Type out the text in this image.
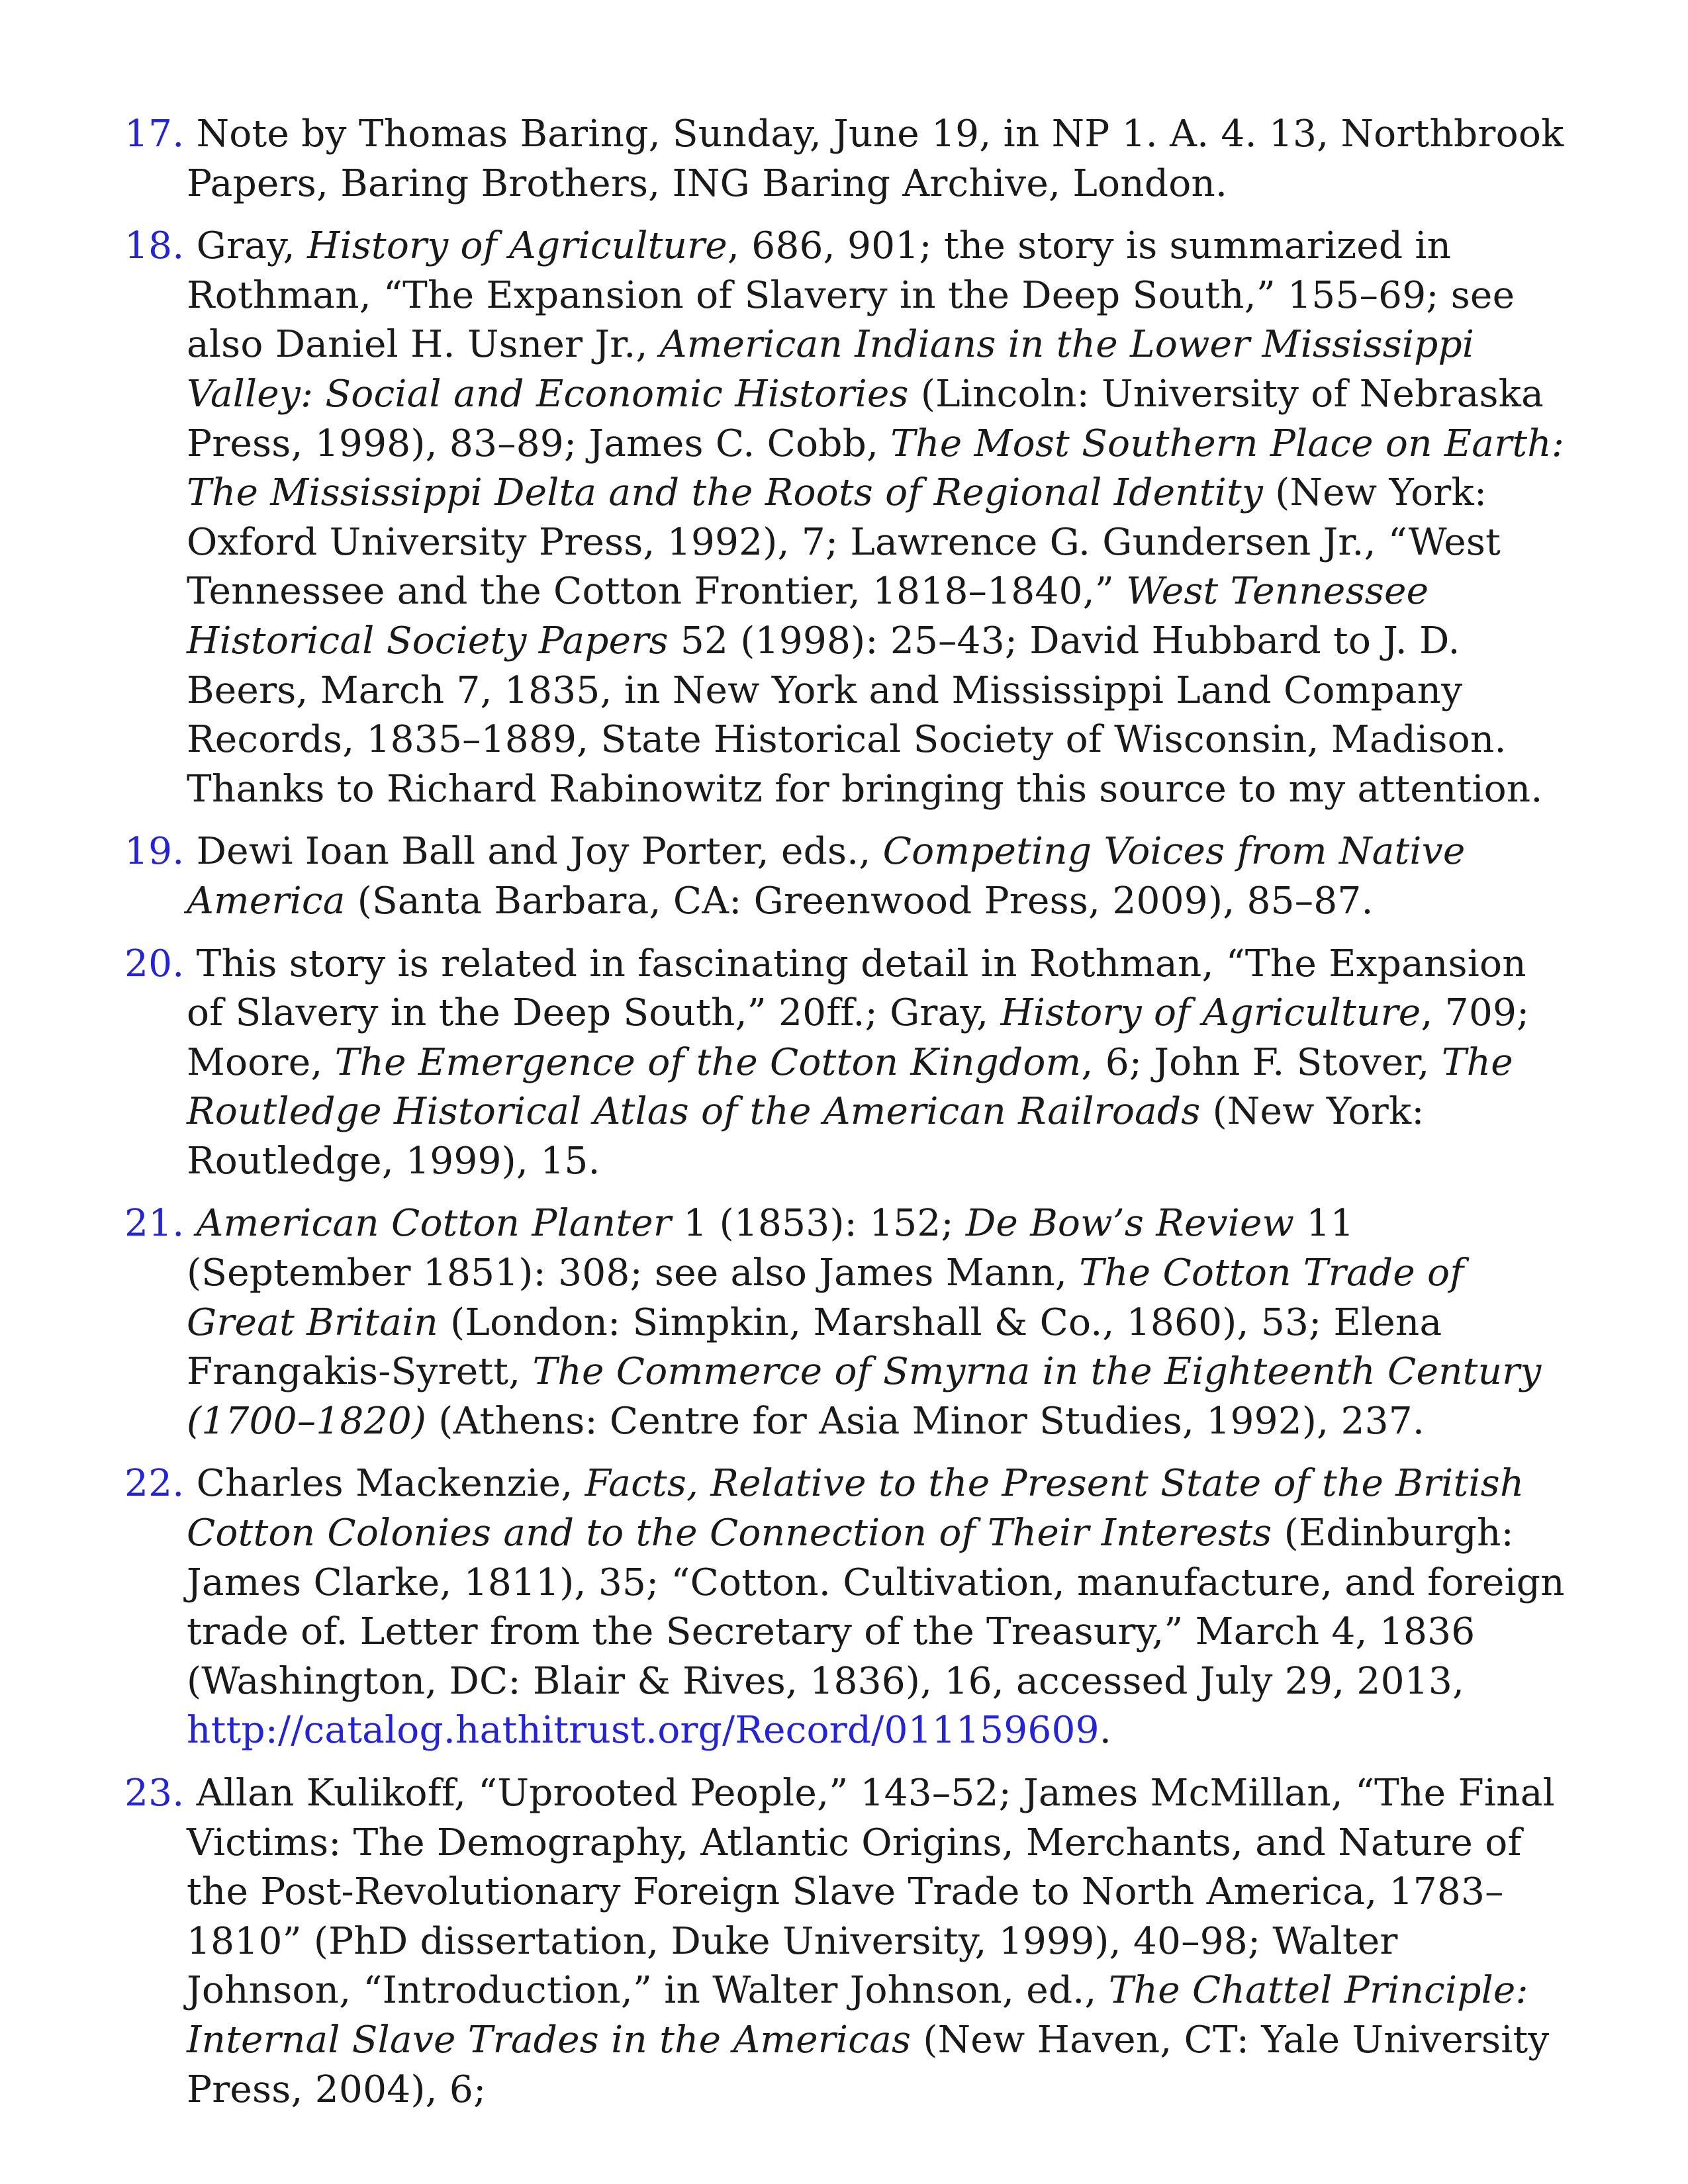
17. Note by Thomas Baring, Sunday, June 19, in NP 1. A. 4. 13, Northbrook Papers, Baring Brothers, ING Baring Archive, London.

18. Gray, History of Agriculture, 686, 901; the story is summarized in Rothman, “The Expansion of Slavery in the Deep South,” 155–69; see also Daniel H. Usner Jr., American Indians in the Lower Mississippi Valley: Social and Economic Histories (Lincoln: University of Nebraska Press, 1998), 83–89; James C. Cobb, The Most Southern Place on Earth: The Mississippi Delta and the Roots of Regional Identity (New York: Oxford University Press, 1992), 7; Lawrence G. Gundersen Jr., “West Tennessee and the Cotton Frontier, 1818–1840,” West Tennessee Historical Society Papers 52 (1998): 25–43; David Hubbard to J. D. Beers, March 7, 1835, in New York and Mississippi Land Company Records, 1835–1889, State Historical Society of Wisconsin, Madison. Thanks to Richard Rabinowitz for bringing this source to my attention.

19. Dewi Ioan Ball and Joy Porter, eds., Competing Voices from Native America (Santa Barbara, CA: Greenwood Press, 2009), 85–87.

20. This story is related in fascinating detail in Rothman, “The Expansion of Slavery in the Deep South,” 20ff.; Gray, History of Agriculture, 709; Moore, The Emergence of the Cotton Kingdom, 6; John F. Stover, The Routledge Historical Atlas of the American Railroads (New York: Routledge, 1999), 15.

21. American Cotton Planter 1 (1853): 152; De Bow’s Review 11 (September 1851): 308; see also James Mann, The Cotton Trade of Great Britain (London: Simpkin, Marshall & Co., 1860), 53; Elena Frangakis-Syrett, The Commerce of Smyrna in the Eighteenth Century (1700–1820) (Athens: Centre for Asia Minor Studies, 1992), 237.

22. Charles Mackenzie, Facts, Relative to the Present State of the British Cotton Colonies and to the Connection of Their Interests (Edinburgh: James Clarke, 1811), 35; “Cotton. Cultivation, manufacture, and foreign trade of. Letter from the Secretary of the Treasury,” March 4, 1836 (Washington, DC: Blair & Rives, 1836), 16, accessed July 29, 2013, http://catalog.hathitrust.org/Record/011159609.

23. Allan Kulikoff, “Uprooted People,” 143–52; James McMillan, “The Final Victims: The Demography, Atlantic Origins, Merchants, and Nature of the Post-Revolutionary Foreign Slave Trade to North America, 1783–1810” (PhD dissertation, Duke University, 1999), 40–98; Walter Johnson, “Introduction,” in Walter Johnson, ed., The Chattel Principle: Internal Slave Trades in the Americas (New Haven, CT: Yale University Press, 2004), 6;
